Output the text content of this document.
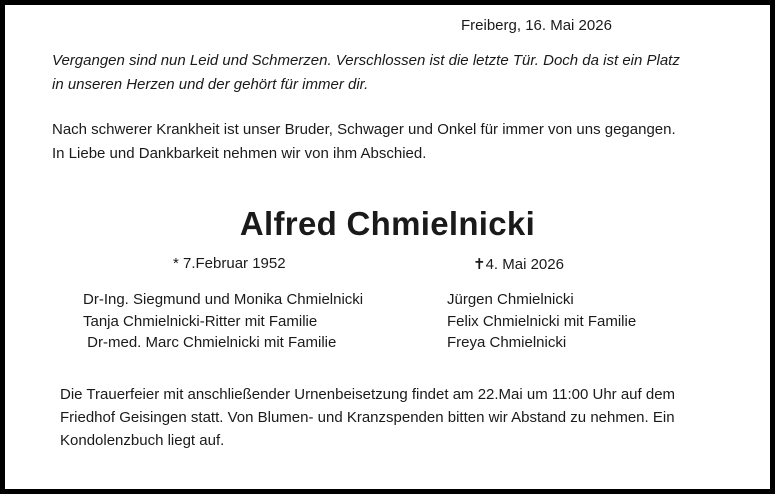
Freiberg, 16. Mai 2026
Vergangen sind nun Leid und Schmerzen. Verschlossen ist die letzte Tür. Doch da ist ein Platz
in unseren Herzen und der gehört für immer dir.
Nach schwerer Krankheit ist unser Bruder, Schwager und Onkel für immer von uns gegangen.
In Liebe und Dankbarkeit nehmen wir von ihm Abschied.
Alfred Chmielnicki
* 7.Februar 1952	✝4. Mai 2026
Dr-Ing. Siegmund und Monika Chmielnicki
Tanja Chmielnicki-Ritter mit Familie
Dr-med. Marc Chmielnicki mit Familie
Jürgen Chmielnicki
Felix Chmielnicki mit Familie
Freya Chmielnicki
Die Trauerfeier mit anschließender Urnenbeisetzung findet am 22.Mai um 11:00 Uhr auf dem
Friedhof Geisingen statt. Von Blumen- und Kranzspenden bitten wir Abstand zu nehmen. Ein
Kondolenzbuch liegt auf.
